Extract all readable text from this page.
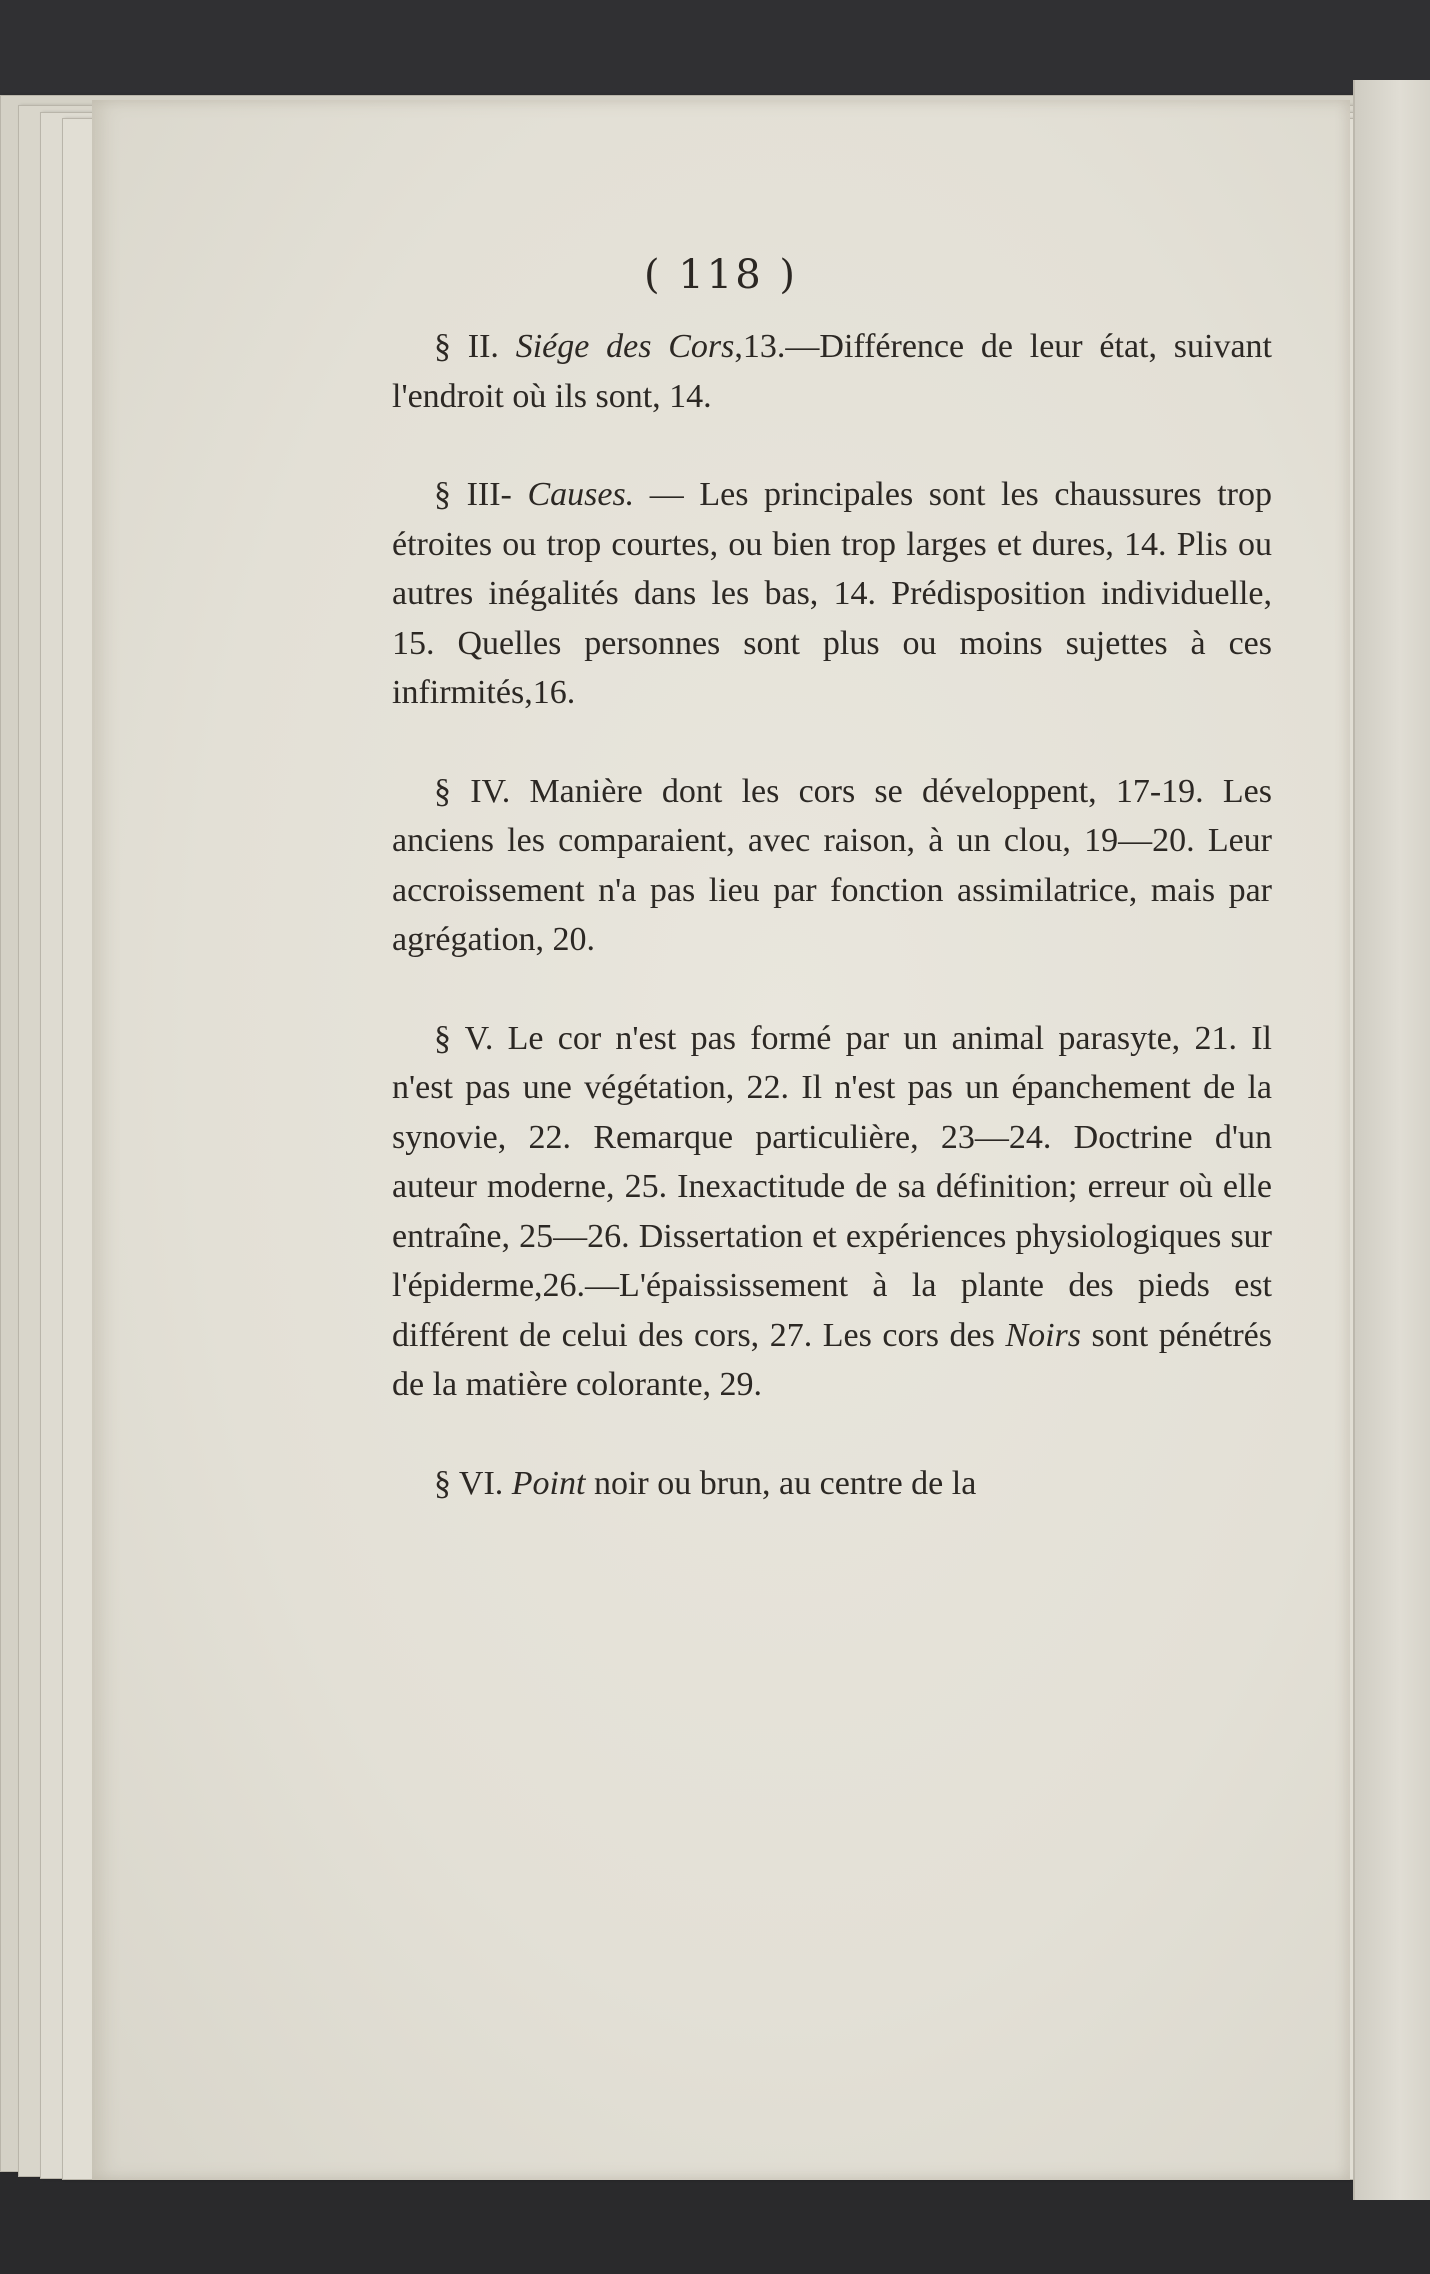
( 118 )

§ II. Siége des Cors,13.—Différence de leur état, suivant l'endroit où ils sont, 14.

§ III- Causes. — Les principales sont les chaussures trop étroites ou trop courtes, ou bien trop larges et dures, 14. Plis ou autres inégalités dans les bas, 14. Prédisposition individuelle, 15. Quelles personnes sont plus ou moins sujettes à ces infirmités,16.

§ IV. Manière dont les cors se développent, 17-19. Les anciens les comparaient, avec raison, à un clou, 19—20. Leur accroissement n'a pas lieu par fonction assimilatrice, mais par agrégation, 20.

§ V. Le cor n'est pas formé par un animal parasyte, 21. Il n'est pas une végétation, 22. Il n'est pas un épanchement de la synovie, 22. Remarque particulière, 23—24. Doctrine d'un auteur moderne, 25. Inexactitude de sa définition; erreur où elle entraîne, 25—26. Dissertation et expériences physiologiques sur l'épiderme,26.—L'épaississement à la plante des pieds est différent de celui des cors, 27. Les cors des Noirs sont pénétrés de la matière colorante, 29.

§ VI. Point noir ou brun, au centre de la
